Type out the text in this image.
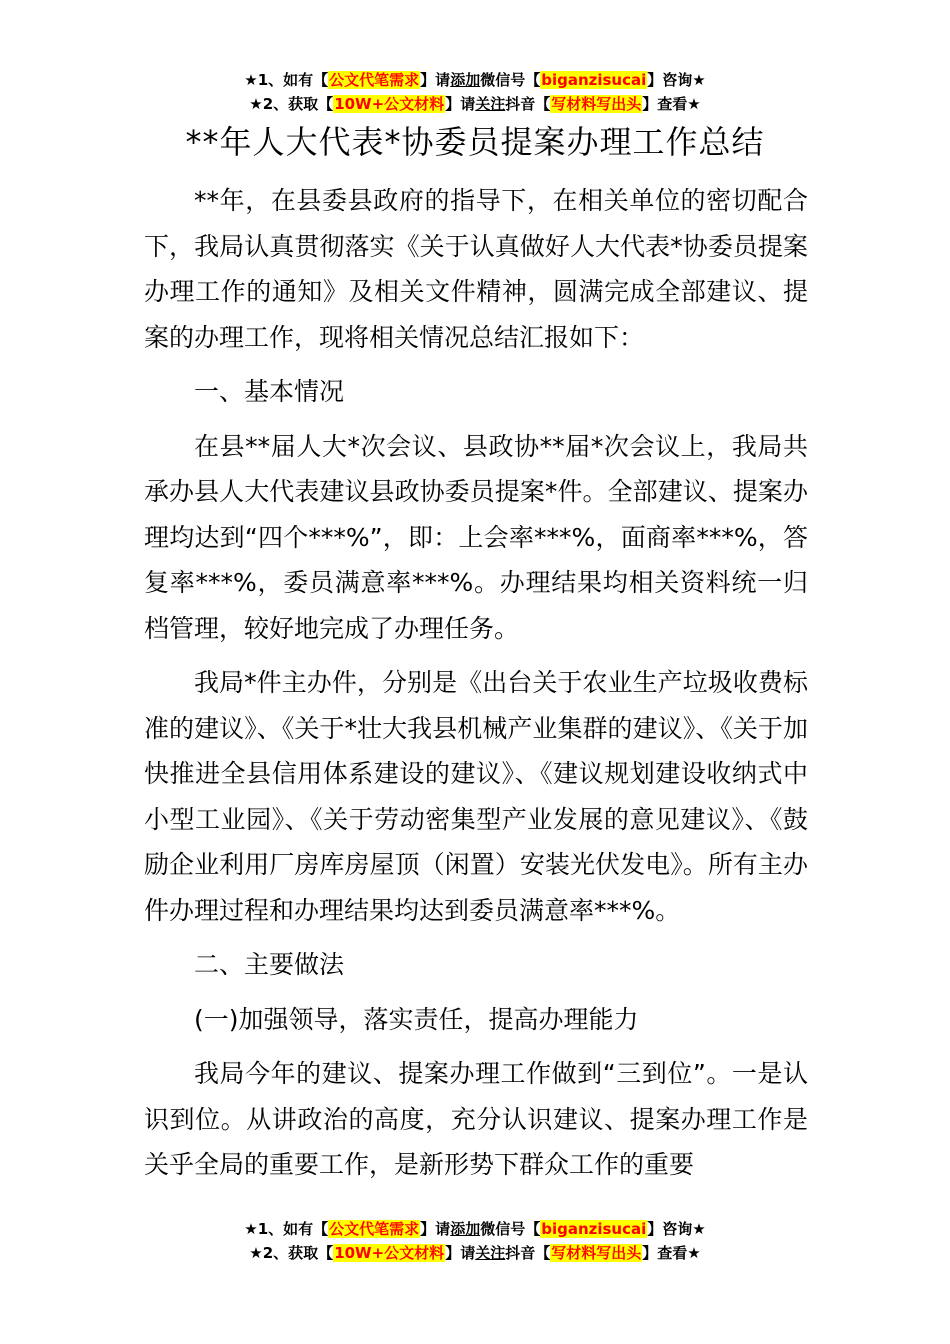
★1、如有【公文代笔需求】请添加微信号【biganzisucai】咨询★
★2、获取【10W+公文材料】请关注抖音【写材料写出头】查看★
**年人大代表*协委员提案办理工作总结

**年，在县委县政府的指导下，在相关单位的密切配合下，我局认真贯彻落实《关于认真做好人大代表*协委员提案办理工作的通知》及相关文件精神，圆满完成全部建议、提案的办理工作，现将相关情况总结汇报如下：

一、基本情况

在县**届人大*次会议、县政协**届*次会议上，我局共承办县人大代表建议县政协委员提案*件。全部建议、提案办理均达到“四个***%”，即：上会率***%，面商率***%，答复率***%，委员满意率***%。办理结果均相关资料统一归档管理，较好地完成了办理任务。

我局*件主办件，分别是《出台关于农业生产垃圾收费标准的建议》、《关于*壮大我县机械产业集群的建议》、《关于加快推进全县信用体系建设的建议》、《建议规划建设收纳式中小型工业园》、《关于劳动密集型产业发展的意见建议》、《鼓励企业利用厂房库房屋顶（闲置）安装光伏发电》。所有主办件办理过程和办理结果均达到委员满意率***%。

二、主要做法

(一)加强领导，落实责任，提高办理能力

我局今年的建议、提案办理工作做到“三到位”。一是认识到位。从讲政治的高度，充分认识建议、提案办理工作是关乎全局的重要工作，是新形势下群众工作的重要

★1、如有【公文代笔需求】请添加微信号【biganzisucai】咨询★
★2、获取【10W+公文材料】请关注抖音【写材料写出头】查看★
